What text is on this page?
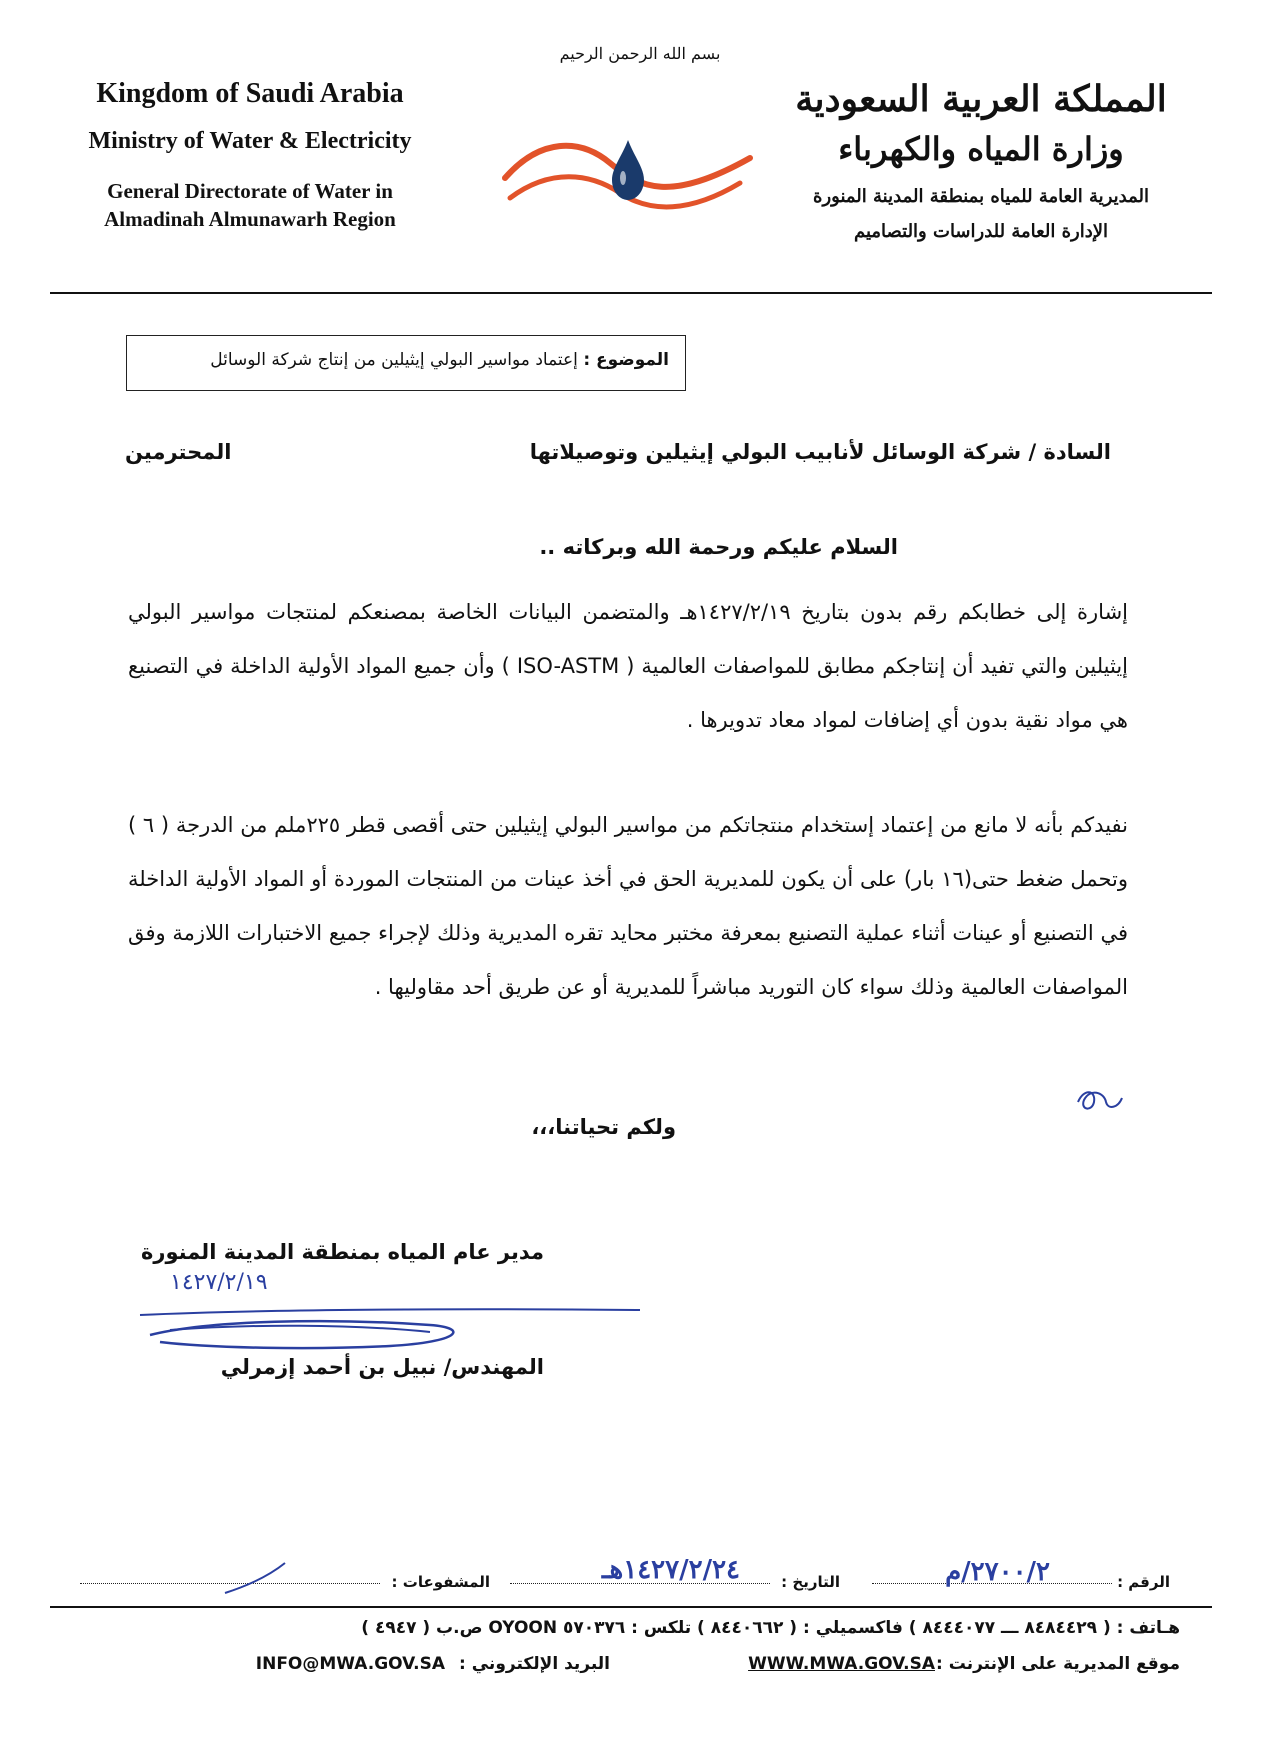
بسم الله الرحمن الرحيم
Kingdom of Saudi Arabia
Ministry of Water & Electricity
General Directorate of Water in
Almadinah Almunawarh Region
المملكة العربية السعودية
وزارة المياه والكهرباء
المديرية العامة للمياه بمنطقة المدينة المنورة
الإدارة العامة للدراسات والتصاميم
الموضوع : إعتماد مواسير البولي إيثيلين من إنتاج شركة الوسائل
السادة / شركة الوسائل لأنابيب البولي إيثيلين وتوصيلاتها
المحترمين
السلام عليكم ورحمة الله وبركاته ..
إشارة إلى خطابكم رقم بدون بتاريخ ١٤٢٧/٢/١٩هـ والمتضمن البيانات الخاصة بمصنعكم لمنتجات مواسير البولي إيثيلين والتي تفيد أن إنتاجكم مطابق للمواصفات العالمية ( ISO-ASTM ) وأن جميع المواد الأولية الداخلة في التصنيع هي مواد نقية بدون أي إضافات لمواد معاد تدويرها .
نفيدكم بأنه لا مانع من إعتماد إستخدام منتجاتكم من مواسير البولي إيثيلين حتى أقصى قطر ٢٢٥ملم من الدرجة ( ٦ ) وتحمل ضغط حتى(١٦ بار) على أن يكون للمديرية الحق في أخذ عينات من المنتجات الموردة أو المواد الأولية الداخلة في التصنيع أو عينات أثناء عملية التصنيع بمعرفة مختبر محايد تقره المديرية وذلك لإجراء جميع الاختبارات اللازمة وفق المواصفات العالمية وذلك سواء كان التوريد مباشراً للمديرية أو عن طريق أحد مقاوليها .
ولكم تحياتنا،،،
مدير عام المياه بمنطقة المدينة المنورة
١٤٢٧/٢/١٩
المهندس/ نبيل بن أحمد إزمرلي
الرقم :
٢٧٠٠/٢/م
التاريخ :
١٤٢٧/٢/٢٤هـ
المشفوعات :
هـاتف : ( ٨٤٨٤٤٢٩ ـــ ٨٤٤٤٠٧٧ ) فاكسميلي : ( ٨٤٤٠٦٦٢ ) تلكس : ٥٧٠٣٧٦ OYOON ص.ب ( ٤٩٤٧ )
موقع المديرية على الإنترنت :
WWW.MWA.GOV.SA
البريد الإلكتروني :
INFO@MWA.GOV.SA
